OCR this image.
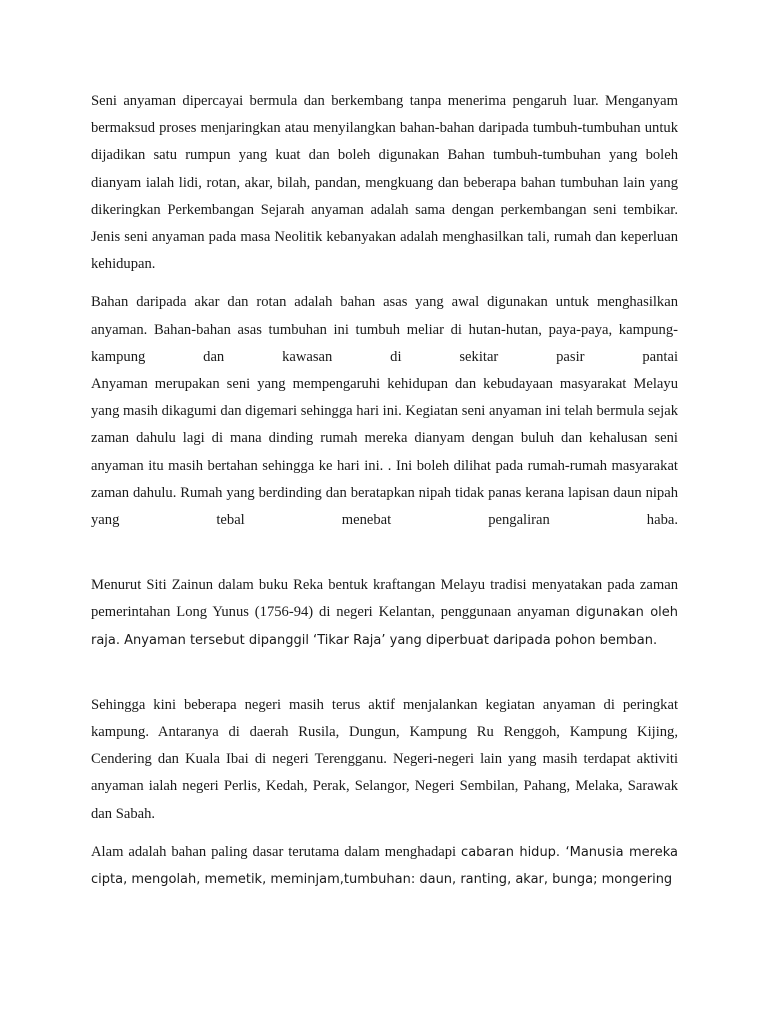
Seni anyaman dipercayai bermula dan berkembang tanpa menerima pengaruh luar. Menganyam bermaksud proses menjaringkan atau menyilangkan bahan-bahan daripada tumbuh-tumbuhan untuk dijadikan satu rumpun yang kuat dan boleh digunakan Bahan tumbuh-tumbuhan yang boleh dianyam ialah lidi, rotan, akar, bilah, pandan, mengkuang dan beberapa bahan tumbuhan lain yang dikeringkan Perkembangan Sejarah anyaman adalah sama dengan perkembangan seni tembikar. Jenis seni anyaman pada masa Neolitik kebanyakan adalah menghasilkan tali, rumah dan keperluan kehidupan.

Bahan daripada akar dan rotan adalah bahan asas yang awal digunakan untuk menghasilkan anyaman. Bahan-bahan asas tumbuhan ini tumbuh meliar di hutan-hutan, paya-paya, kampung-kampung dan kawasan di sekitar pasir pantai
Anyaman merupakan seni yang mempengaruhi kehidupan dan kebudayaan masyarakat Melayu yang masih dikagumi dan digemari sehingga hari ini. Kegiatan seni anyaman ini telah bermula sejak zaman dahulu lagi di mana dinding rumah mereka dianyam dengan buluh dan kehalusan seni anyaman itu masih bertahan sehingga ke hari ini. . Ini boleh dilihat pada rumah-rumah masyarakat zaman dahulu. Rumah yang berdinding dan beratapkan nipah tidak panas kerana lapisan daun nipah yang tebal menebat pengaliran haba.

Menurut Siti Zainun dalam buku Reka bentuk kraftangan Melayu tradisi menyatakan pada zaman pemerintahan Long Yunus (1756-94) di negeri Kelantan, penggunaan anyaman digunakan oleh raja. Anyaman tersebut dipanggil ‘Tikar Raja’ yang diperbuat daripada pohon bemban.

Sehingga kini beberapa negeri masih terus aktif menjalankan kegiatan anyaman di peringkat kampung. Antaranya di daerah Rusila, Dungun, Kampung Ru Renggoh, Kampung Kijing, Cendering dan Kuala Ibai di negeri Terengganu. Negeri-negeri lain yang masih terdapat aktiviti anyaman ialah negeri Perlis, Kedah, Perak, Selangor, Negeri Sembilan, Pahang, Melaka, Sarawak dan Sabah.

Alam adalah bahan paling dasar terutama dalam menghadapi cabaran hidup. ‘Manusia mereka cipta, mengolah, memetik, meminjam,tumbuhan: daun, ranting, akar, bunga; mongering
